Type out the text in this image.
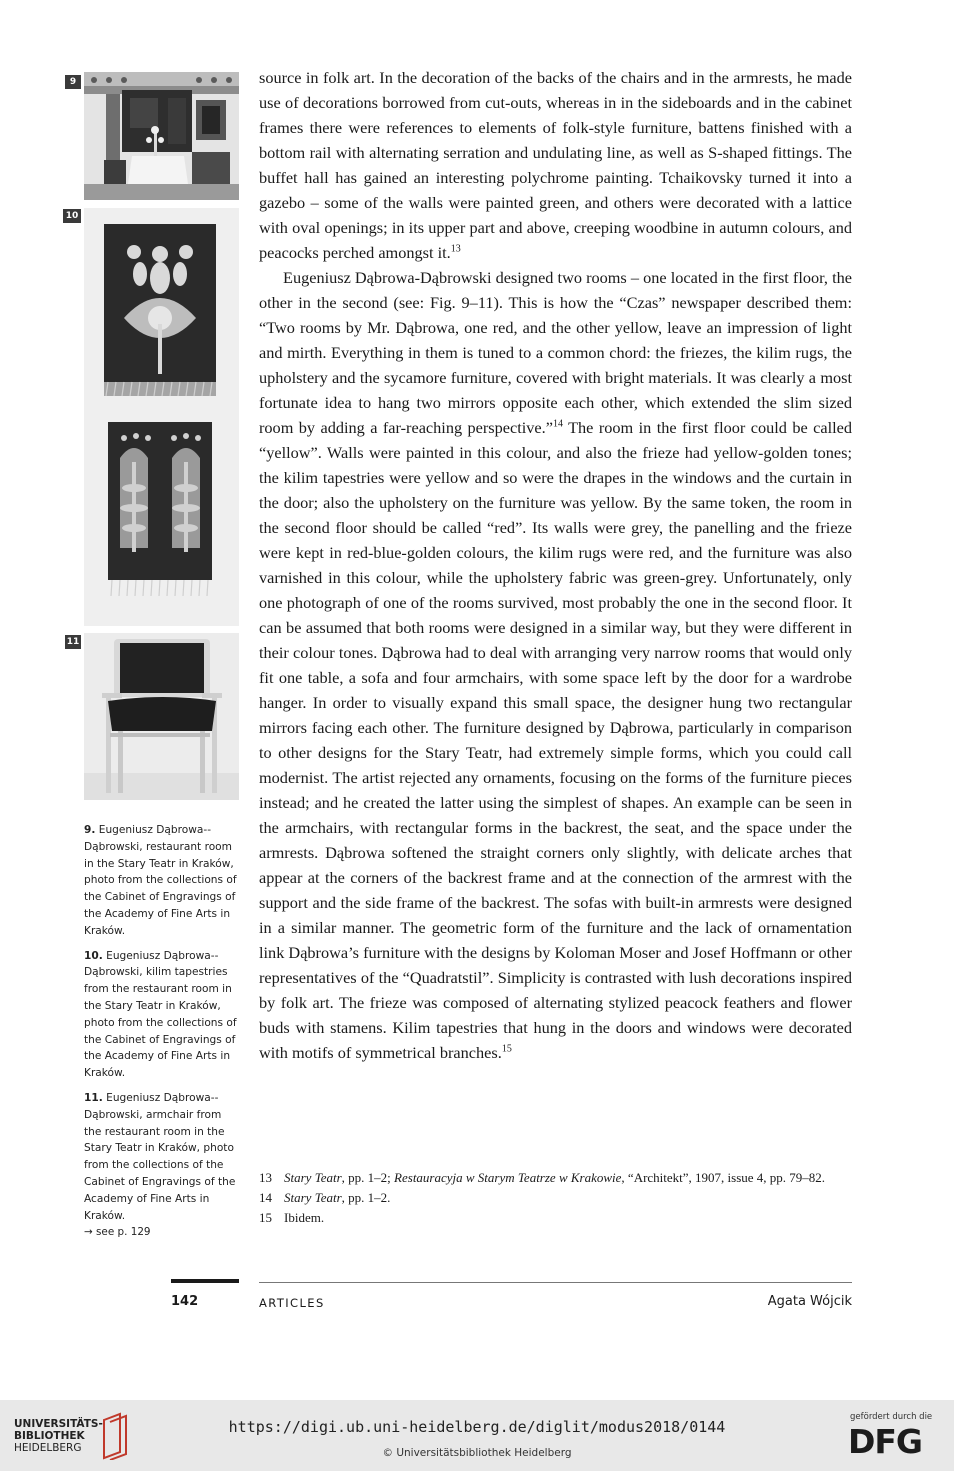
9
10
11

9. Eugeniusz Dąbrowa--Dąbrowski, restaurant room in the Stary Teatr in Kraków, photo from the collections of the Cabinet of Engravings of the Academy of Fine Arts in Kraków.

10. Eugeniusz Dąbrowa--Dąbrowski, kilim tapestries from the restaurant room in the Stary Teatr in Kraków, photo from the collections of the Cabinet of Engravings of the Academy of Fine Arts in Kraków.

11. Eugeniusz Dąbrowa--Dąbrowski, armchair from the restaurant room in the Stary Teatr in Kraków, photo from the collections of the Cabinet of Engravings of the Academy of Fine Arts in Kraków.
→ see p. 129

source in folk art. In the decoration of the backs of the chairs and in the armrests, he made use of decorations borrowed from cut-outs, whereas in in the sideboards and in the cabinet frames there were references to elements of folk-style furniture, battens finished with a bottom rail with alternating serration and undulating line, as well as S-shaped fittings. The buffet hall has gained an interesting polychrome painting. Tchaikovsky turned it into a gazebo – some of the walls were painted green, and others were decorated with a lattice with oval openings; in its upper part and above, creeping woodbine in autumn colours, and peacocks perched amongst it.$^{13}$

Eugeniusz Dąbrowa-Dąbrowski designed two rooms – one located in the first floor, the other in the second (see: Fig. 9–11). This is how the “Czas” newspaper described them: “Two rooms by Mr. Dąbrowa, one red, and the other yellow, leave an impression of light and mirth. Everything in them is tuned to a common chord: the friezes, the kilim rugs, the upholstery and the sycamore furniture, covered with bright materials. It was clearly a most fortunate idea to hang two mirrors opposite each other, which extended the slim sized room by adding a far-reaching perspective.”$^{14}$ The room in the first floor could be called “yellow”. Walls were painted in this colour, and also the frieze had yellow-golden tones; the kilim tapestries were yellow and so were the drapes in the windows and the curtain in the door; also the upholstery on the furniture was yellow. By the same token, the room in the second floor should be called “red”. Its walls were grey, the panelling and the frieze were kept in red-blue-golden colours, the kilim rugs were red, and the furniture was also varnished in this colour, while the upholstery fabric was green-grey. Unfortunately, only one photograph of one of the rooms survived, most probably the one in the second floor. It can be assumed that both rooms were designed in a similar way, but they were different in their colour tones. Dąbrowa had to deal with arranging very narrow rooms that would only fit one table, a sofa and four armchairs, with some space left by the door for a wardrobe hanger. In order to visually expand this small space, the designer hung two rectangular mirrors facing each other. The furniture designed by Dąbrowa, particularly in comparison to other designs for the Stary Teatr, had extremely simple forms, which you could call modernist. The artist rejected any ornaments, focusing on the forms of the furniture pieces instead; and he created the latter using the simplest of shapes. An example can be seen in the armchairs, with rectangular forms in the backrest, the seat, and the space under the armrests. Dąbrowa softened the straight corners only slightly, with delicate arches that appear at the corners of the backrest frame and at the connection of the armrest with the support and the side frame of the backrest. The sofas with built-in armrests were designed in a similar manner. The geometric form of the furniture and the lack of ornamentation link Dąbrowa’s furniture with the designs by Koloman Moser and Josef Hoffmann or other representatives of the “Quadratstil”. Simplicity is contrasted with lush decorations inspired by folk art. The frieze was composed of alternating stylized peacock feathers and flower buds with stamens. Kilim tapestries that hung in the doors and windows were decorated with motifs of symmetrical branches.$^{15}$

13 Stary Teatr, pp. 1–2; Restauracyja w Starym Teatrze w Krakowie, “Architekt”, 1907, issue 4, pp. 79–82.
14 Stary Teatr, pp. 1–2.
15 Ibidem.
142	ARTICLES	Agata Wójcik
UNIVERSITÄTS-
BIBLIOTHEK
HEIDELBERG
https://digi.ub.uni-heidelberg.de/diglit/modus2018/0144
© Universitätsbibliothek Heidelberg
gefördert durch die
DFG
